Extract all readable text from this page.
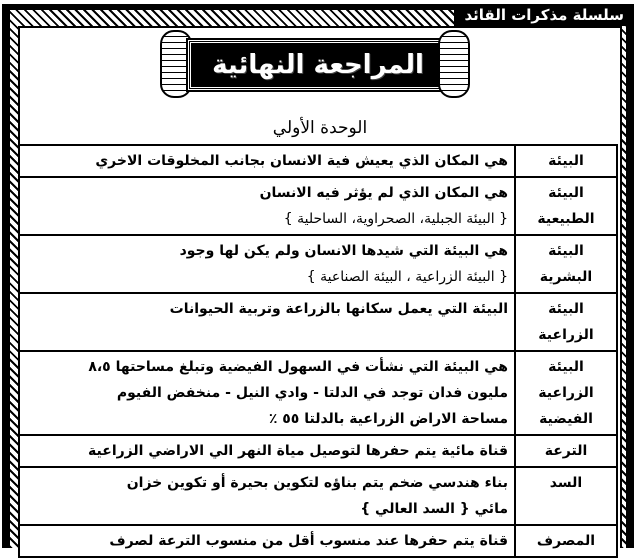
سلسلة مذكرات القائد
المراجعة النهائية
الوحدة الأولي
البيئة	هي المكان الذي يعيش فية الانسان بجانب المخلوقات الاخري

البيئة الطبيعية	هي المكان الذي لم يؤثر فيه الانسان
{ البيئة الجبلية، الصحراوية، الساحلية }

البيئة البشرية	هي البيئة التي شيدها الانسان ولم يكن لها وجود
{ البيئة الزراعية ، البيئة الصناعية }

البيئة الزراعية	البيئة التي يعمل سكانها بالزراعة وتربية الحيوانات

البيئة الزراعية الفيضية	هي البيئة التي نشأت في السهول الفيضية وتبلغ مساحتها ٨،٥
مليون فدان توجد في الدلتا - وادي النيل - منخفض الفيوم
مساحة الاراض الزراعية بالدلتا ٥٥ ٪

الترعة	قناة مائية يتم حفرها لتوصيل مياة النهر الي الاراضي الزراعية

السد	بناء هندسي ضخم يتم بناؤه لتكوين بحيرة أو تكوين خزان
مائي { السد العالي }

المصرف	قناة يتم حفرها عند منسوب أقل من منسوب الترعة لصرف
